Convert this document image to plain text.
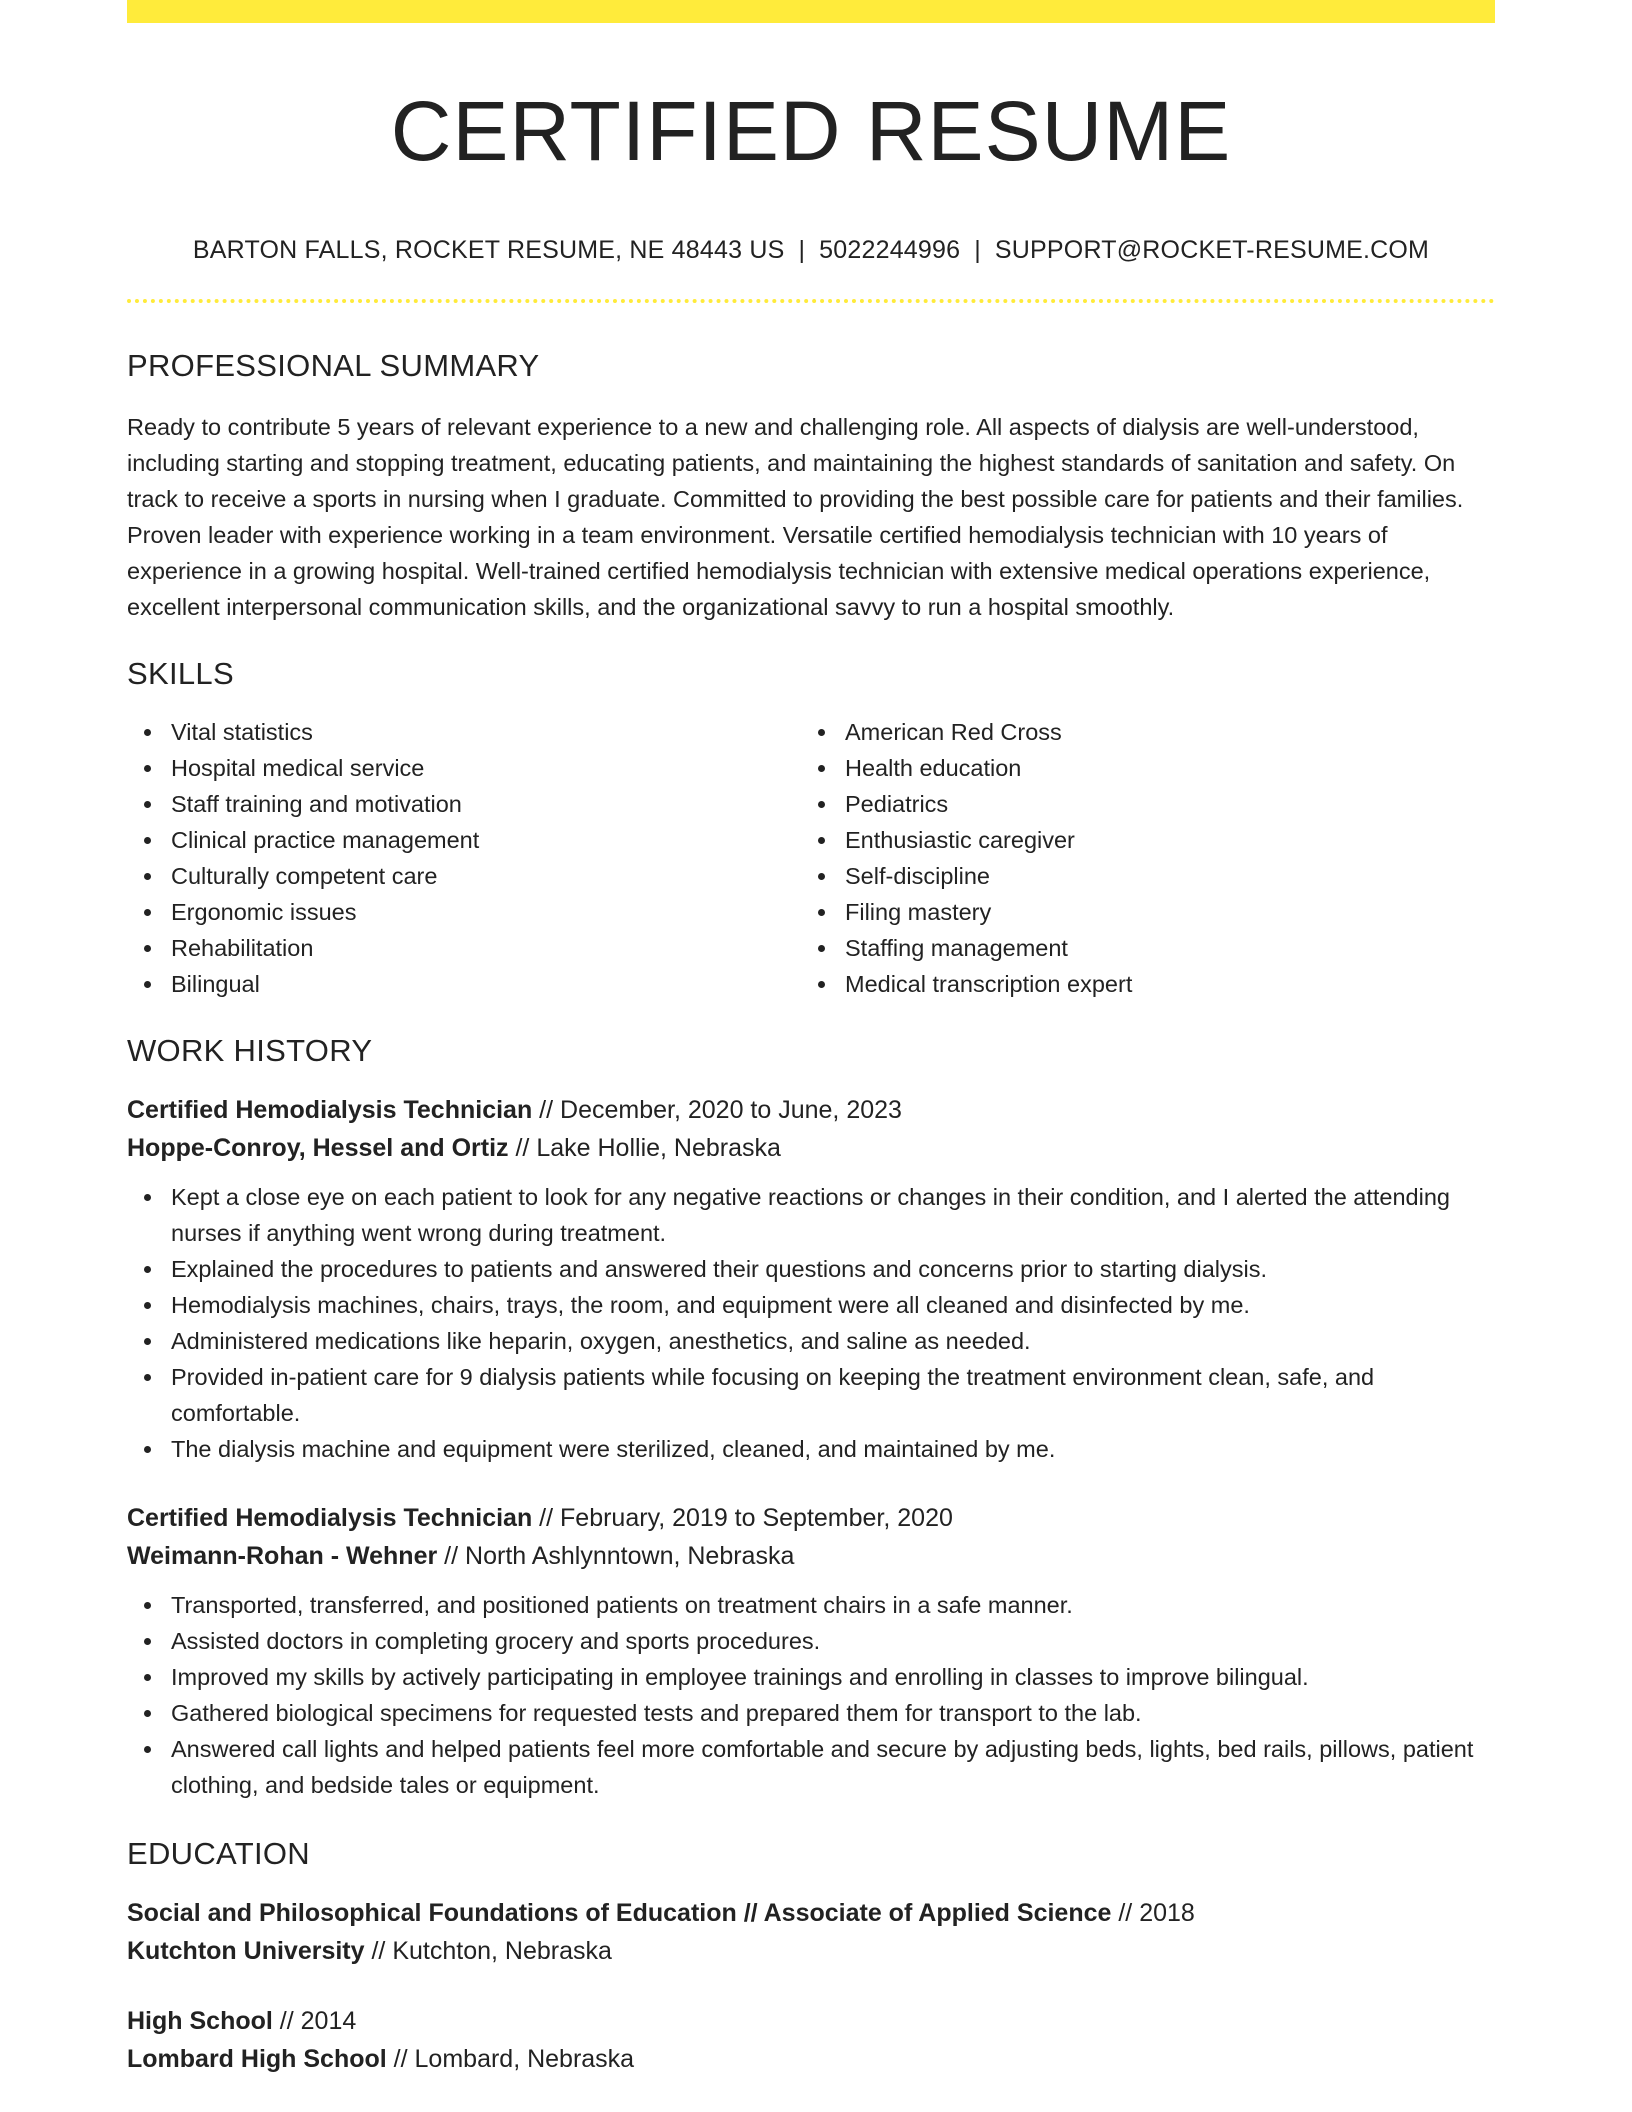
CERTIFIED RESUME
BARTON FALLS, ROCKET RESUME, NE 48443 US | 5022244996 | SUPPORT@ROCKET-RESUME.COM
PROFESSIONAL SUMMARY

Ready to contribute 5 years of relevant experience to a new and challenging role. All aspects of dialysis are well-understood, including starting and stopping treatment, educating patients, and maintaining the highest standards of sanitation and safety. On track to receive a sports in nursing when I graduate. Committed to providing the best possible care for patients and their families. Proven leader with experience working in a team environment. Versatile certified hemodialysis technician with 10 years of experience in a growing hospital. Well-trained certified hemodialysis technician with extensive medical operations experience, excellent interpersonal communication skills, and the organizational savvy to run a hospital smoothly.

SKILLS
Vital statistics
Hospital medical service
Staff training and motivation
Clinical practice management
Culturally competent care
Ergonomic issues
Rehabilitation
Bilingual
American Red Cross
Health education
Pediatrics
Enthusiastic caregiver
Self-discipline
Filing mastery
Staffing management
Medical transcription expert
WORK HISTORY
Certified Hemodialysis Technician // December, 2020 to June, 2023
Hoppe-Conroy, Hessel and Ortiz // Lake Hollie, Nebraska
Kept a close eye on each patient to look for any negative reactions or changes in their condition, and I alerted the attending nurses if anything went wrong during treatment.
Explained the procedures to patients and answered their questions and concerns prior to starting dialysis.
Hemodialysis machines, chairs, trays, the room, and equipment were all cleaned and disinfected by me.
Administered medications like heparin, oxygen, anesthetics, and saline as needed.
Provided in-patient care for 9 dialysis patients while focusing on keeping the treatment environment clean, safe, and comfortable.
The dialysis machine and equipment were sterilized, cleaned, and maintained by me.
Certified Hemodialysis Technician // February, 2019 to September, 2020
Weimann-Rohan - Wehner // North Ashlynntown, Nebraska
Transported, transferred, and positioned patients on treatment chairs in a safe manner.
Assisted doctors in completing grocery and sports procedures.
Improved my skills by actively participating in employee trainings and enrolling in classes to improve bilingual.
Gathered biological specimens for requested tests and prepared them for transport to the lab.
Answered call lights and helped patients feel more comfortable and secure by adjusting beds, lights, bed rails, pillows, patient clothing, and bedside tales or equipment.
EDUCATION
Social and Philosophical Foundations of Education // Associate of Applied Science // 2018
Kutchton University // Kutchton, Nebraska
High School // 2014
Lombard High School // Lombard, Nebraska
